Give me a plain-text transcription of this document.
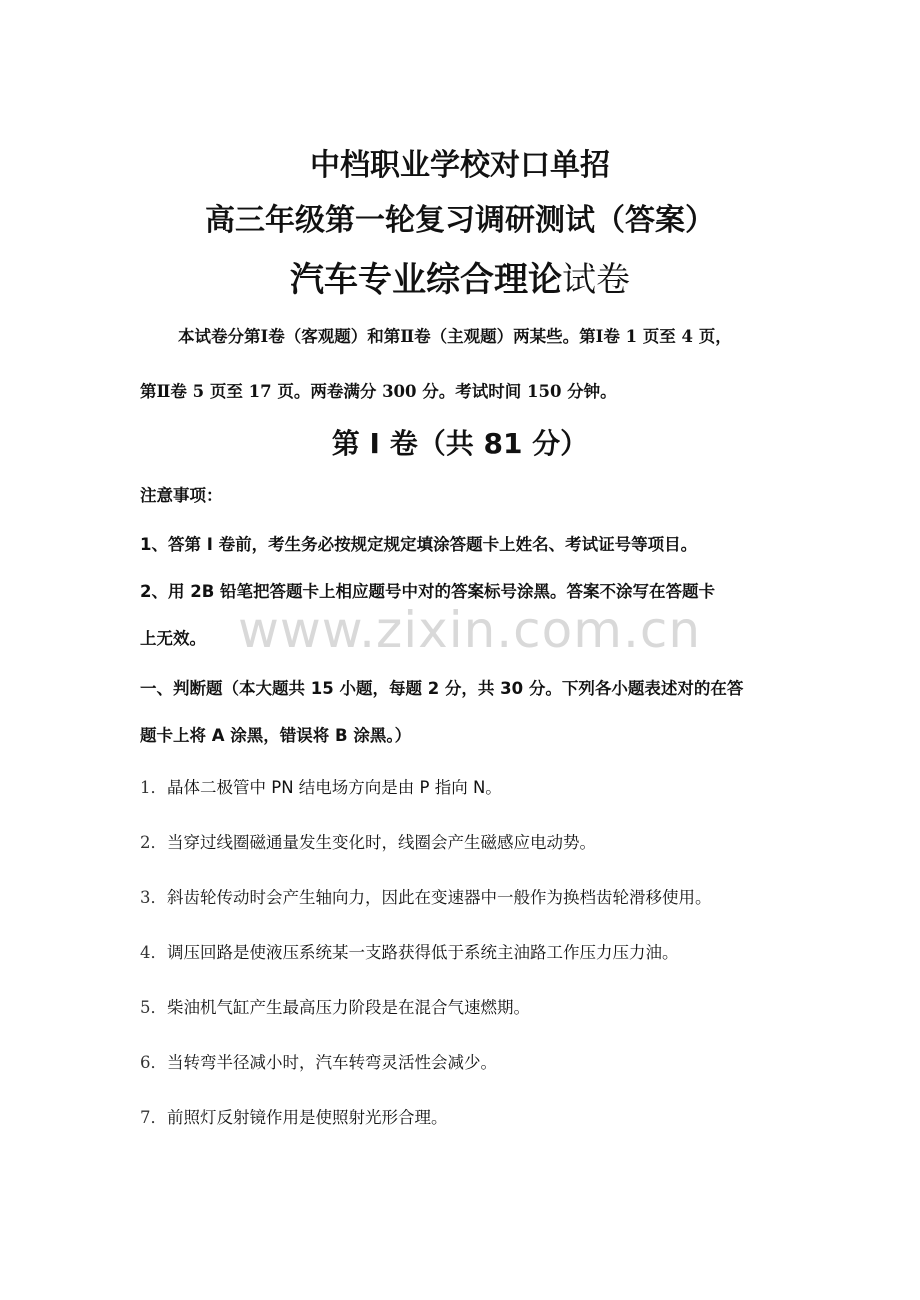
中档职业学校对口单招
高三年级第一轮复习调研测试（答案）
汽车专业综合理论试卷
本试卷分第Ⅰ卷（客观题）和第Ⅱ卷（主观题）两某些。第Ⅰ卷 1 页至 4 页，
第Ⅱ卷 5 页至 17 页。两卷满分 300 分。考试时间 150 分钟。
第 I 卷（共 81 分）
注意事项：
1、答第 I 卷前，考生务必按规定规定填涂答题卡上姓名、考试证号等项目。
2、用 2B 铅笔把答题卡上相应题号中对的答案标号涂黑。答案不涂写在答题卡
上无效。
一、判断题（本大题共 15 小题，每题 2 分，共 30 分。下列各小题表述对的在答
题卡上将 A 涂黑，错误将 B 涂黑。）
1．晶体二极管中 PN 结电场方向是由 P 指向 N。
2．当穿过线圈磁通量发生变化时，线圈会产生磁感应电动势。
3．斜齿轮传动时会产生轴向力，因此在变速器中一般作为换档齿轮滑移使用。
4．调压回路是使液压系统某一支路获得低于系统主油路工作压力压力油。
5．柴油机气缸产生最高压力阶段是在混合气速燃期。
6．当转弯半径减小时，汽车转弯灵活性会减少。
7．前照灯反射镜作用是使照射光形合理。
www.zixin.com.cn
